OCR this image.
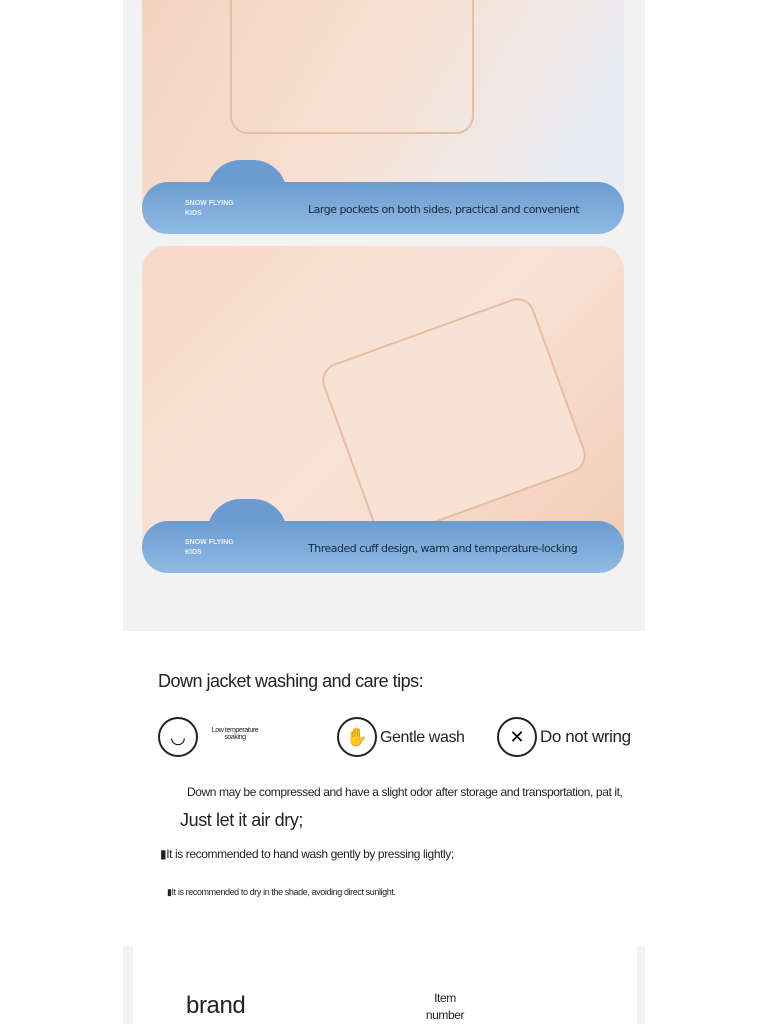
SNOW FLYING KIDS	Large pockets on both sides, practical and convenient
SNOW FLYING KIDS	Threaded cuff design, warm and temperature-locking
Down jacket washing and care tips:
◡	Low temperature soaking	✋ Gentle wash	✕ Do not wring
Down may be compressed and have a slight odor after storage and transportation, pat it,
Just let it air dry;
▮It is recommended to hand wash gently by pressing lightly;
▮It is recommended to dry in the shade, avoiding direct sunlight.
brand	Item number
